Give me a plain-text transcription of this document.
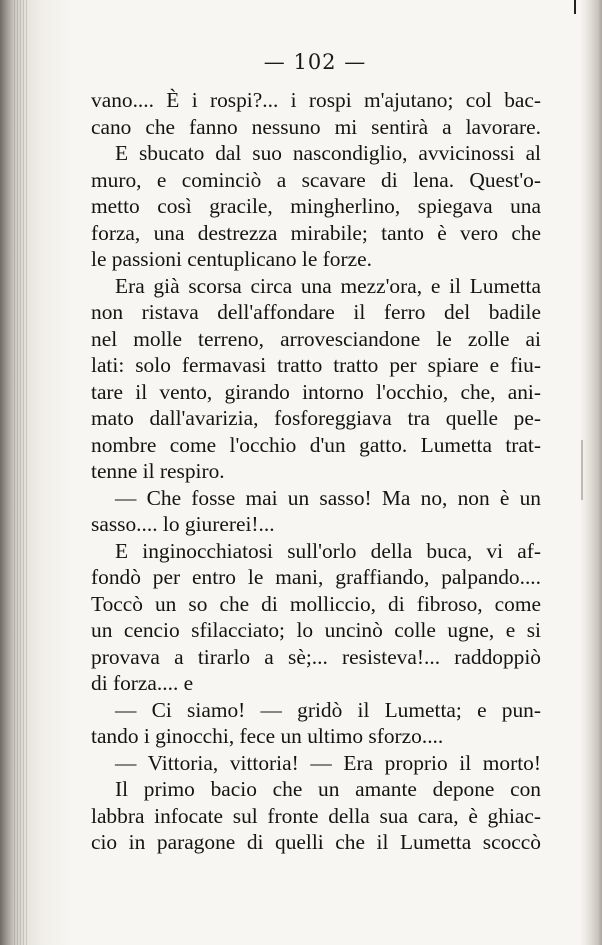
— 102 —
vano.... È i rospi?... i rospi m'ajutano; col bac-
cano che fanno nessuno mi sentirà a lavorare.
E sbucato dal suo nascondiglio, avvicinossi al
muro, e cominciò a scavare di lena. Quest'o-
metto così gracile, mingherlino, spiegava una
forza, una destrezza mirabile; tanto è vero che
le passioni centuplicano le forze.
Era già scorsa circa una mezz'ora, e il Lumetta
non ristava dell'affondare il ferro del badile
nel molle terreno, arrovesciandone le zolle ai
lati: solo fermavasi tratto tratto per spiare e fiu-
tare il vento, girando intorno l'occhio, che, ani-
mato dall'avarizia, fosforeggiava tra quelle pe-
nombre come l'occhio d'un gatto. Lumetta trat-
tenne il respiro.
— Che fosse mai un sasso! Ma no, non è un
sasso.... lo giurerei!...
E inginocchiatosi sull'orlo della buca, vi af-
fondò per entro le mani, graffiando, palpando....
Toccò un so che di molliccio, di fibroso, come
un cencio sfilacciato; lo uncinò colle ugne, e si
provava a tirarlo a sè;... resisteva!... raddoppiò
di forza.... e
— Ci siamo! — gridò il Lumetta; e pun-
tando i ginocchi, fece un ultimo sforzo....
— Vittoria, vittoria! — Era proprio il morto!
Il primo bacio che un amante depone con
labbra infocate sul fronte della sua cara, è ghiac-
cio in paragone di quelli che il Lumetta scoccò
